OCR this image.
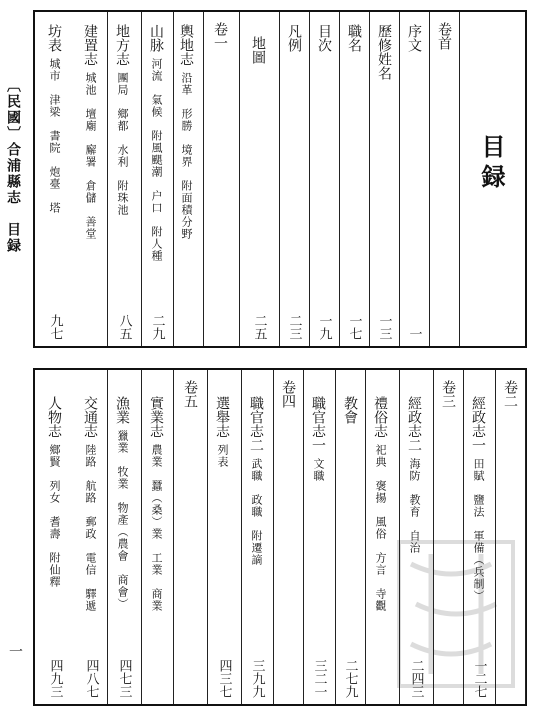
〔民國〕合浦縣志　目録
一
目録
卷首
序文
一
歷修姓名
一三
職名
一七
目次
一九
凡例
二三
地圖
二五
卷一
輿地志沿革　形勝　境界　附面積分野
山脉河流　氣候　附風颶潮　户口　附人種
二九
地方志團局　鄉都　水利　附珠池
八五
建置志城池　壇廟　廨署　倉儲　善堂
坊表城市　津梁　書院　炮臺　塔
九七
卷二
經政志一田賦　鹽法　軍備（兵制）
一二七
卷三
經政志二海防　教育　自治
二四三
禮俗志祀典　褒揚　風俗　方言　寺觀
教會
二七九
職官志一文職
三二一
卷四
職官志二武職　政職　附遷謫
三九九
選舉志列表
四三七
卷五
實業志農業　蠶（桑）業　工業　商業
漁業獵業　牧業　物產（農會　商會）
四七三
交通志陸路　航路　郵政　電信　驛遞
四八七
人物志鄉賢　列女　耆壽　附仙釋
四九三
